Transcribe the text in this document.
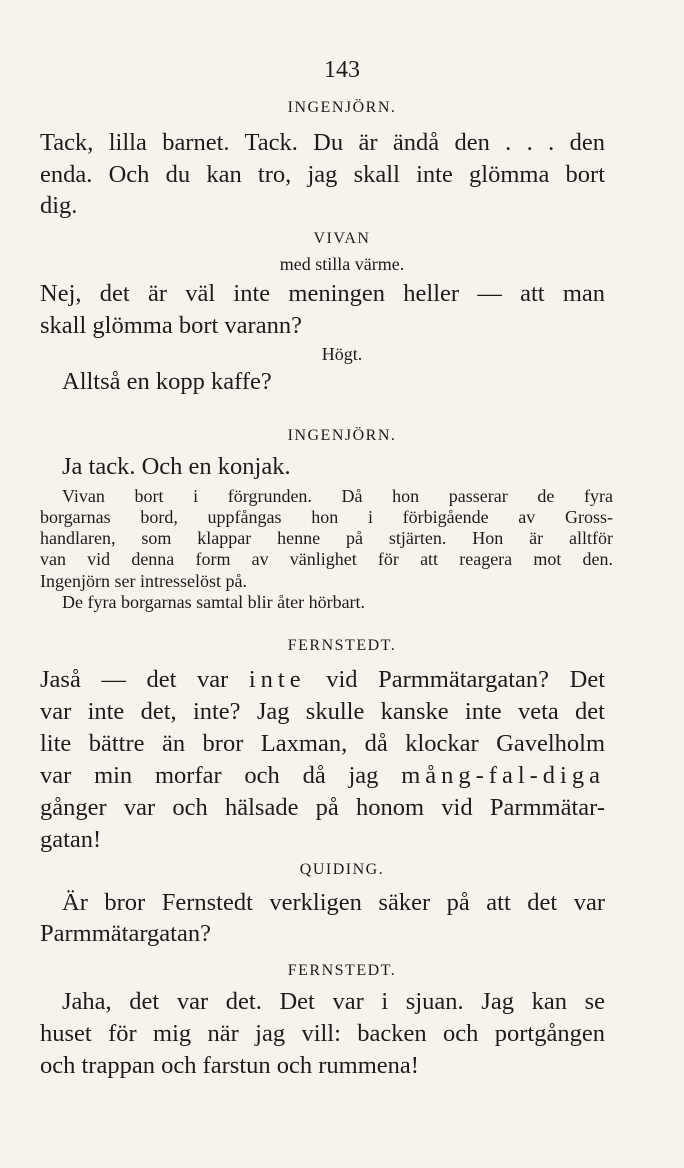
143

INGENJÖRN.

Tack, lilla barnet. Tack. Du är ändå den . . . den

enda. Och du kan tro, jag skall inte glömma bort

dig.

VIVAN

med stilla värme.

Nej, det är väl inte meningen heller — att man

skall glömma bort varann?

Högt.

Alltså en kopp kaffe?

INGENJÖRN.

Ja tack. Och en konjak.

Vivan bort i förgrunden. Då hon passerar de fyra

borgarnas bord, uppfångas hon i förbigående av Gross-

handlaren, som klappar henne på stjärten. Hon är alltför

van vid denna form av vänlighet för att reagera mot den.

Ingenjörn ser intresselöst på.

De fyra borgarnas samtal blir åter hörbart.

FERNSTEDT.

Jaså — det var inte vid Parmmätargatan? Det

var inte det, inte? Jag skulle kanske inte veta det

lite bättre än bror Laxman, då klockar Gavelholm

var min morfar och då jag mång-fal-diga

gånger var och hälsade på honom vid Parmmätar-

gatan!

QUIDING.

Är bror Fernstedt verkligen säker på att det var

Parmmätargatan?

FERNSTEDT.

Jaha, det var det. Det var i sjuan. Jag kan se

huset för mig när jag vill: backen och portgången

och trappan och farstun och rummena!
